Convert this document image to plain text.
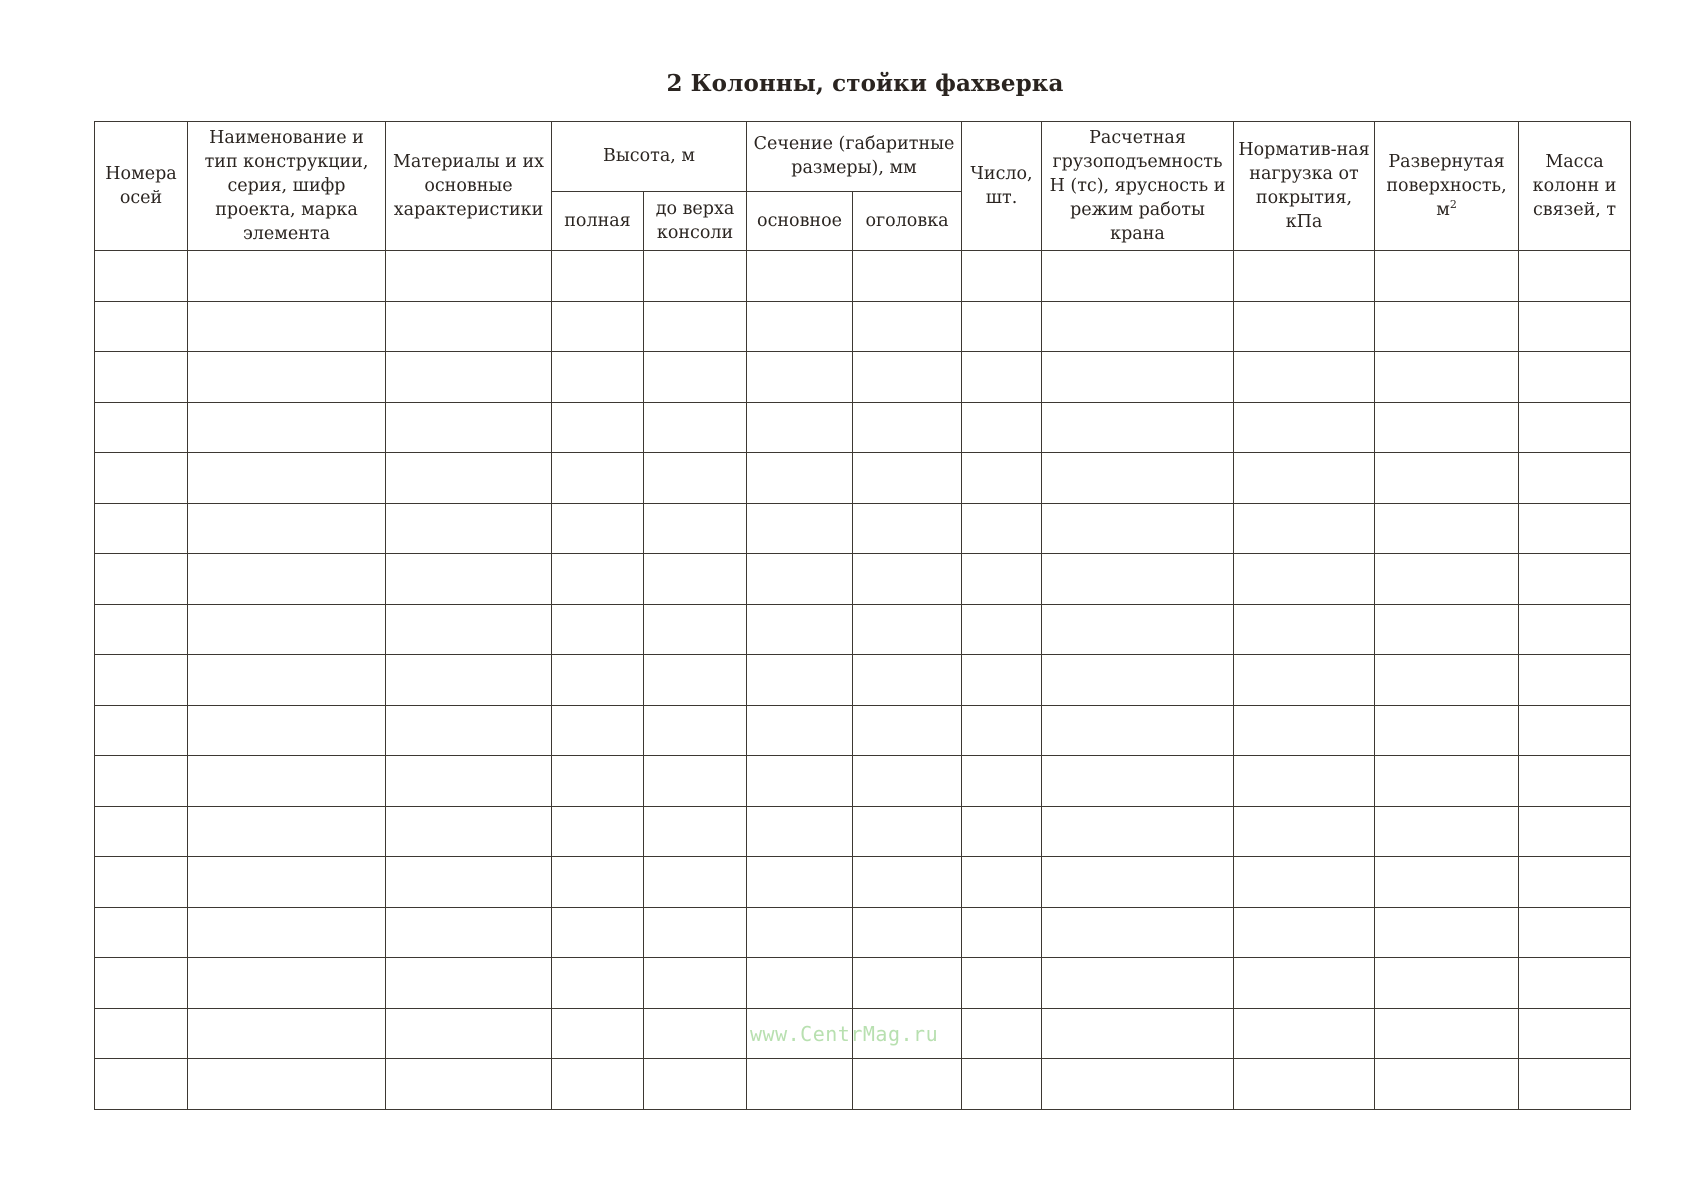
2 Колонны, стойки фахверка
Номера осей	Наименование и тип конструкции, серия, шифр проекта, марка элемента	Материалы и их основные характеристики	Высота, м		Сечение (габаритные размеры), мм		Число, шт.	Расчетная грузоподъемность Н (тс), ярусность и режим работы крана	Норматив-ная нагрузка от покрытия, кПа	Развернутая поверхность, $м^2$	Масса колонн и связей, т
			полная	до верха консоли	основное	оголовка					

www.CentrMag.ru
